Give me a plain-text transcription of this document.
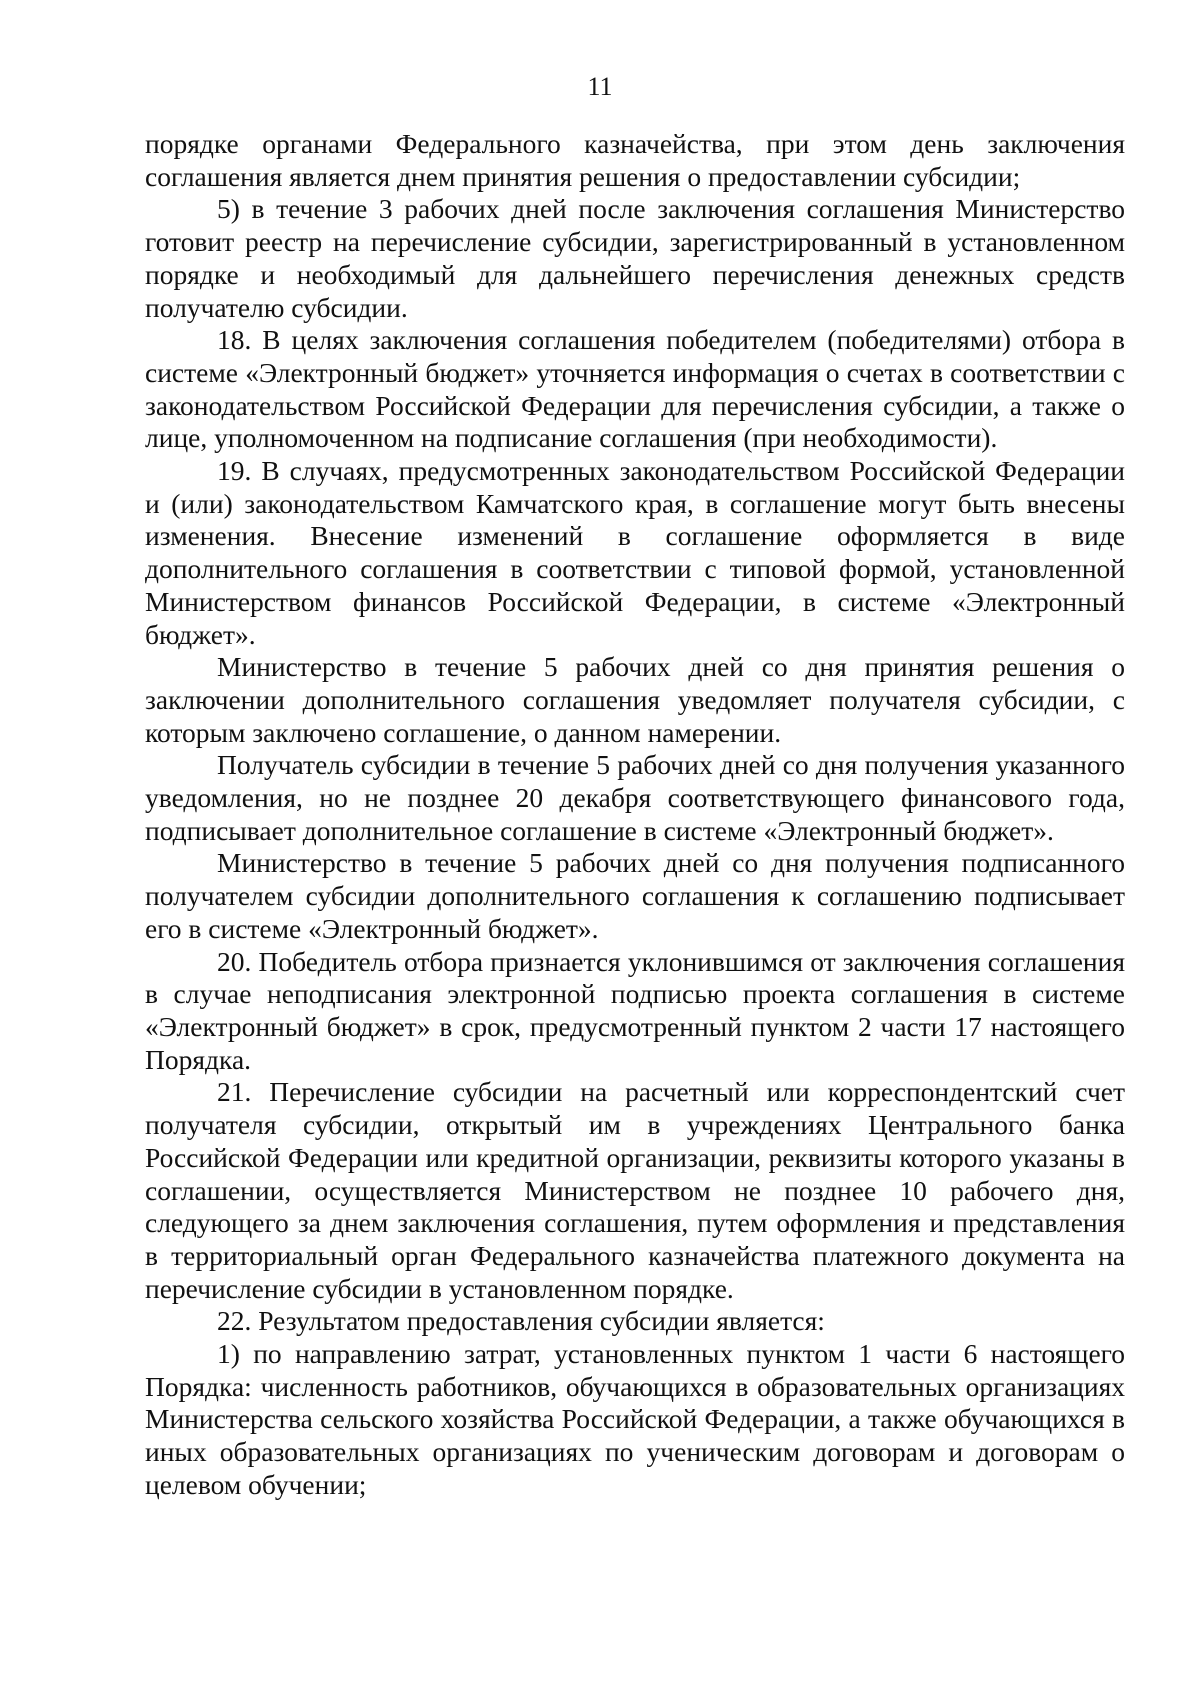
11

порядке органами Федерального казначейства, при этом день заключения соглашения является днем принятия решения о предоставлении субсидии;

5) в течение 3 рабочих дней после заключения соглашения Министерство готовит реестр на перечисление субсидии, зарегистрированный в установленном порядке и необходимый для дальнейшего перечисления денежных средств получателю субсидии.

18. В целях заключения соглашения победителем (победителями) отбора в системе «Электронный бюджет» уточняется информация о счетах в соответствии с законодательством Российской Федерации для перечисления субсидии, а также о лице, уполномоченном на подписание соглашения (при необходимости).

19. В случаях, предусмотренных законодательством Российской Федерации и (или) законодательством Камчатского края, в соглашение могут быть внесены изменения. Внесение изменений в соглашение оформляется в виде дополнительного соглашения в соответствии с типовой формой, установленной Министерством финансов Российской Федерации, в системе «Электронный бюджет».

Министерство в течение 5 рабочих дней со дня принятия решения о заключении дополнительного соглашения уведомляет получателя субсидии, с которым заключено соглашение, о данном намерении.

Получатель субсидии в течение 5 рабочих дней со дня получения указанного уведомления, но не позднее 20 декабря соответствующего финансового года, подписывает дополнительное соглашение в системе «Электронный бюджет».

Министерство в течение 5 рабочих дней со дня получения подписанного получателем субсидии дополнительного соглашения к соглашению подписывает его в системе «Электронный бюджет».

20. Победитель отбора признается уклонившимся от заключения соглашения в случае неподписания электронной подписью проекта соглашения в системе «Электронный бюджет» в срок, предусмотренный пунктом 2 части 17 настоящего Порядка.

21. Перечисление субсидии на расчетный или корреспондентский счет получателя субсидии, открытый им в учреждениях Центрального банка Российской Федерации или кредитной организации, реквизиты которого указаны в соглашении, осуществляется Министерством не позднее 10 рабочего дня, следующего за днем заключения соглашения, путем оформления и представления в территориальный орган Федерального казначейства платежного документа на перечисление субсидии в установленном порядке.

22. Результатом предоставления субсидии является:

1) по направлению затрат, установленных пунктом 1 части 6 настоящего Порядка: численность работников, обучающихся в образовательных организациях Министерства сельского хозяйства Российской Федерации, а также обучающихся в иных образовательных организациях по ученическим договорам и договорам о целевом обучении;
